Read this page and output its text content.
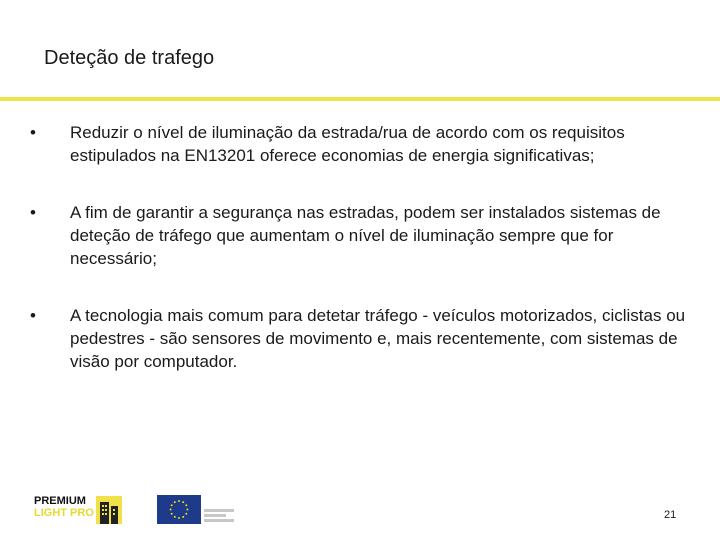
Deteção de trafego
•	Reduzir o nível de iluminação da estrada/rua de acordo com os requisitos estipulados na EN13201 oferece economias de energia significativas;
•	A fim de garantir a segurança nas estradas, podem ser instalados sistemas de deteção de tráfego que aumentam o nível de iluminação sempre que for necessário;
•	A tecnologia mais comum para detetar tráfego - veículos motorizados, ciclistas ou pedestres - são sensores de movimento e, mais recentemente, com sistemas de visão por computador.
PREMIUM
LIGHT PRO	21
